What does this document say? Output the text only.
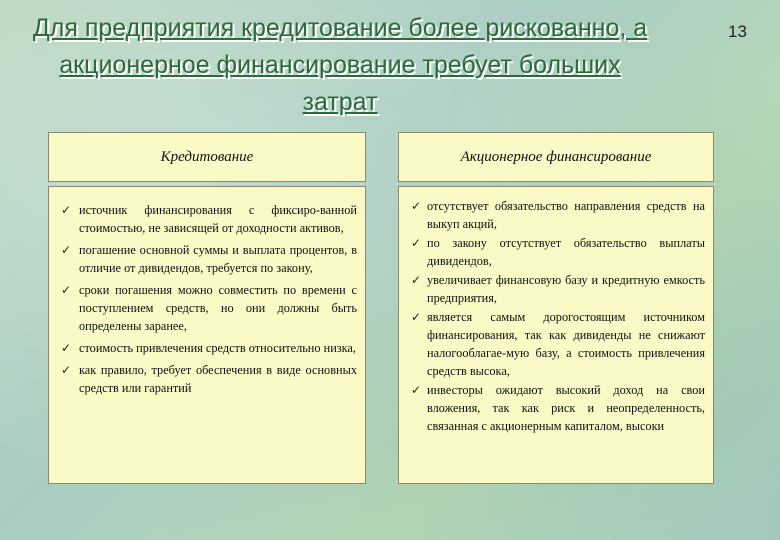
Для предприятия кредитование более рискованно, а акционерное финансирование требует больших затрат
13
Кредитование
✓ источник финансирования с фиксиро-ванной стоимостью, не зависящей от доходности активов,
✓ погашение основной суммы и выплата процентов, в отличие от дивидендов, требуется по закону,
✓ сроки погашения можно совместить по времени с поступлением средств, но они должны быть определены заранее,
✓ стоимость привлечения средств относительно низка,
✓ как правило, требует обеспечения в виде основных средств или гарантий
Акционерное финансирование
✓ отсутствует обязательство направления средств на выкуп акций,
✓ по закону отсутствует обязательство выплаты дивидендов,
✓ увеличивает финансовую базу и кредитную емкость предприятия,
✓ является самым дорогостоящим источником финансирования, так как дивиденды не снижают налогооблагае-мую базу, а стоимость привлечения средств высока,
✓ инвесторы ожидают высокий доход на свои вложения, так как риск и неопределенность, связанная с акционерным капиталом, высоки
